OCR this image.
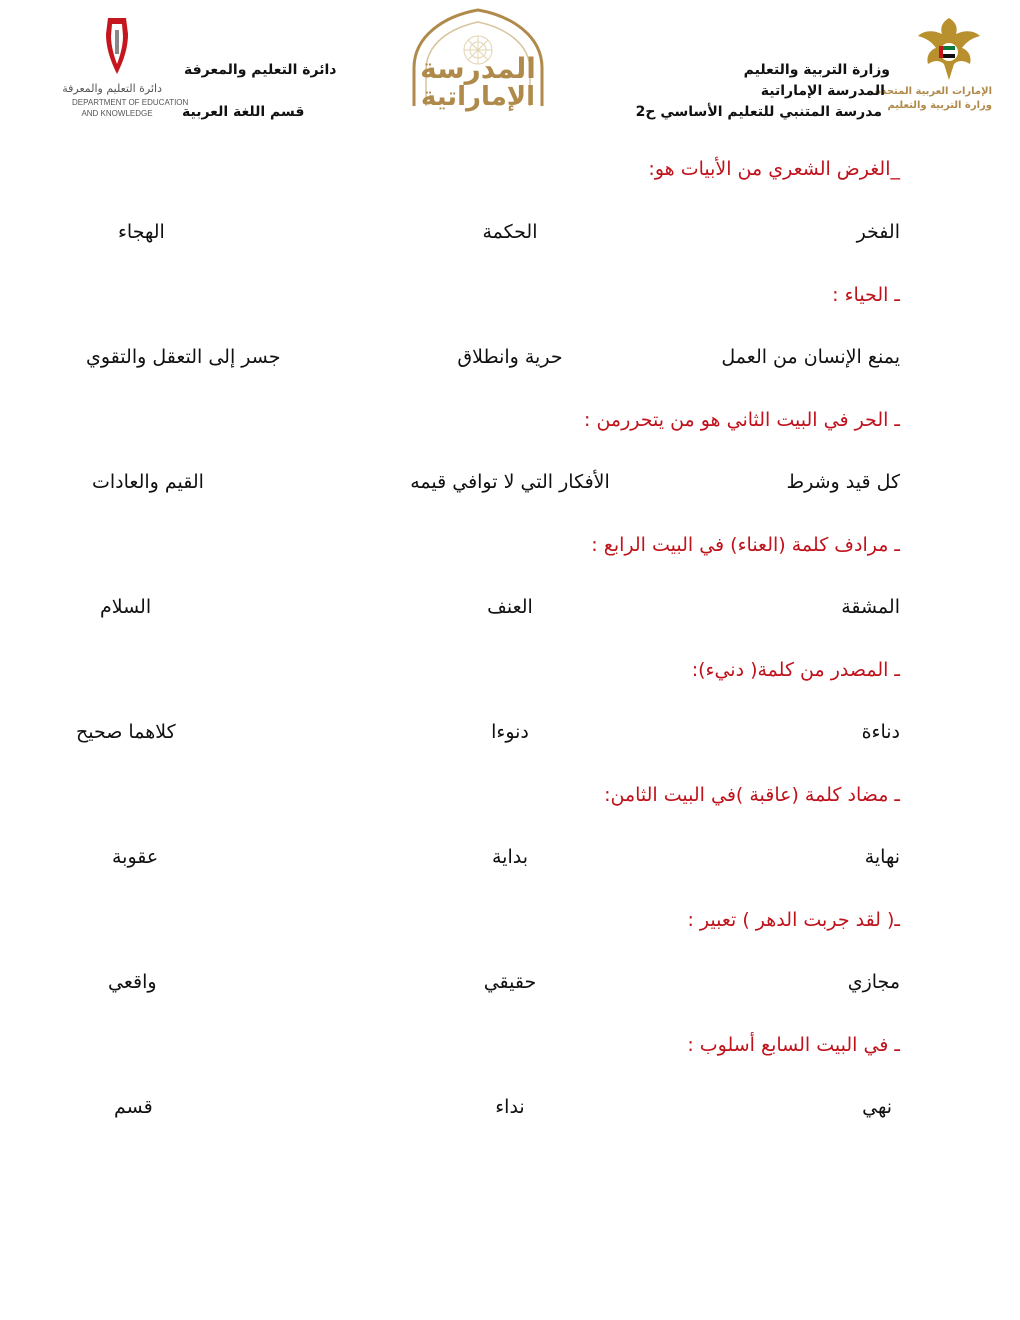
الإمارات العربية المتحدة
وزارة التربية والتعليم
وزارة التربية والتعليم
المدرسة الإماراتية
مدرسة المتنبي للتعليم الأساسي ح2
المدرسة
الإماراتية
دائرة التعليم والمعرفة
قسم اللغة العربية
دائرة التعليم والمعرفة
DEPARTMENT OF EDUCATION
AND KNOWLEDGE
_الغرض الشعري من الأبيات هو:
الفخر
الحكمة
الهجاء
ـ الحياء :
يمنع الإنسان من العمل
حرية وانطلاق
جسر إلى التعقل والتقوي
ـ الحر في البيت الثاني هو من يتحررمن :
كل قيد وشرط
الأفكار التي لا توافي قيمه
القيم والعادات
ـ مرادف كلمة (العناء) في البيت الرابع :
المشقة
العنف
السلام
ـ المصدر من كلمة( دنيء):
دناءة
دنوءا
كلاهما صحيح
ـ مضاد كلمة (عاقبة )في البيت الثامن:
نهاية
بداية
عقوبة
ـ( لقد جربت الدهر ) تعبير :
مجازي
حقيقي
واقعي
ـ في البيت السابع أسلوب :
نهي
نداء
قسم
